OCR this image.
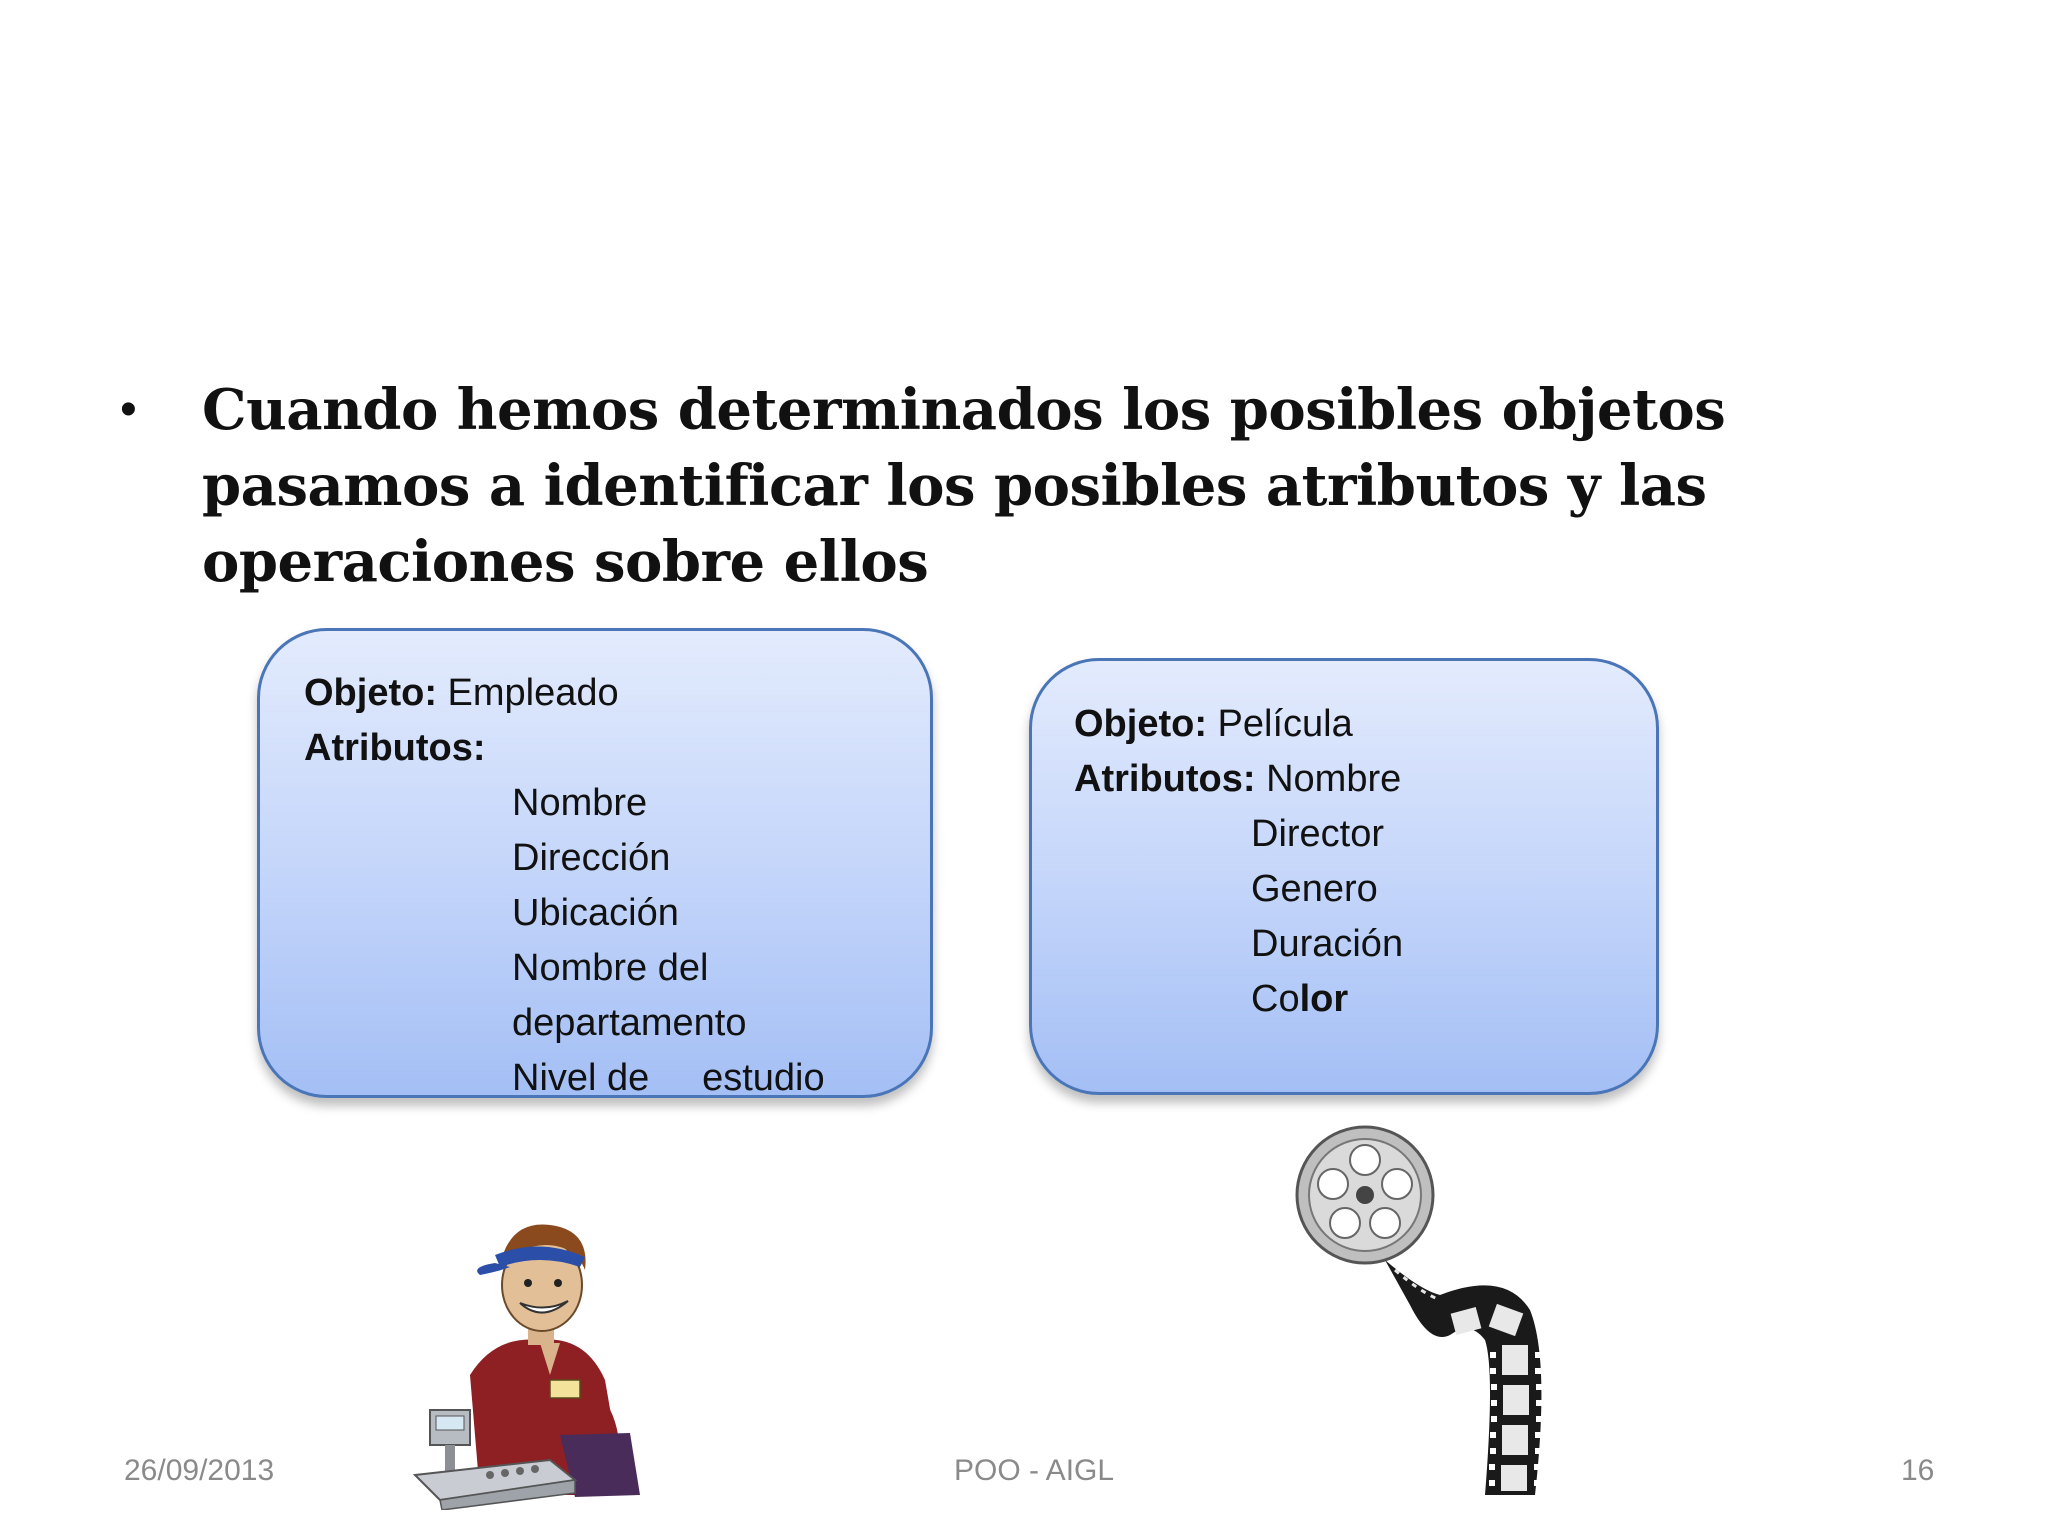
•	Cuando hemos determinados los posibles objetos pasamos a identificar los posibles atributos y las operaciones sobre ellos
Objeto: Empleado
Atributos:
Nombre
Dirección
Ubicación
Nombre del
departamento
Nivel de     estudio
Objeto: Película
Atributos: Nombre
Director
Genero
Duración
Color
26/09/2013	POO - AIGL	16
